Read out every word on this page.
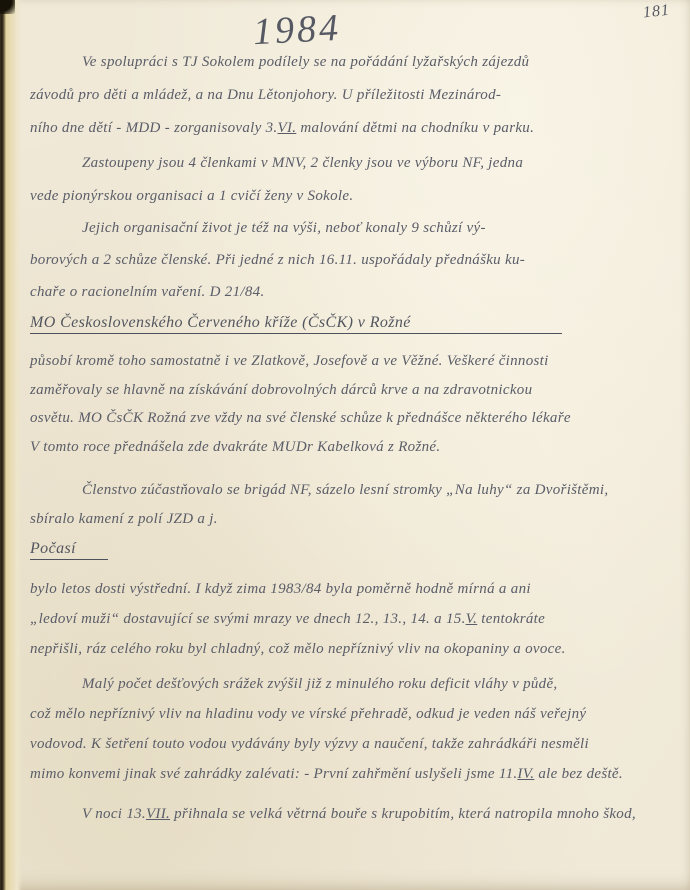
1984	181
Ve spolupráci s TJ Sokolem podílely se na pořádání lyžařských zájezdů
závodů pro děti a mládež, a na Dnu Lětonjohory. U příležitosti Mezinárod-
ního dne dětí - MDD - zorganisovaly 3.VI. malování dětmi na chodníku v parku.
Zastoupeny jsou 4 členkami v MNV, 2 členky jsou ve výboru NF, jedna
vede pionýrskou organisaci a 1 cvičí ženy v Sokole.
Jejich organisační život je též na výši, neboť konaly 9 schůzí vý-
borových a 2 schůze členské. Při jedné z nich 16.11. uspořádaly přednášku ku-
chaře o racionelním vaření. D 21/84.
MO Československého Červeného kříže (ČsČK) v Rožné
působí kromě toho samostatně i ve Zlatkově, Josefově a ve Věžné. Veškeré činnosti
zaměřovaly se hlavně na získávání dobrovolných dárců krve a na zdravotnickou
osvětu. MO ČsČK Rožná zve vždy na své členské schůze k přednášce některého lékaře
V tomto roce přednášela zde dvakráte MUDr Kabelková z Rožné.
Členstvo zúčastňovalo se brigád NF, sázelo lesní stromky „Na luhy“ za Dvořištěmi,
sbíralo kamení z polí JZD a j.
Počasí
bylo letos dosti výstřední. I když zima 1983/84 byla poměrně hodně mírná a ani
„ledoví muži“ dostavující se svými mrazy ve dnech 12., 13., 14. a 15.V. tentokráte
nepřišli, ráz celého roku byl chladný, což mělo nepříznivý vliv na okopaniny a ovoce.
Malý počet dešťových srážek zvýšil již z minulého roku deficit vláhy v půdě,
což mělo nepříznivý vliv na hladinu vody ve vírské přehradě, odkud je veden náš veřejný
vodovod. K šetření touto vodou vydávány byly výzvy a naučení, takže zahrádkáři nesměli
mimo konvemi jinak své zahrádky zalévati: - První zahřmění uslyšeli jsme 11.IV. ale bez deště.
V noci 13.VII. přihnala se velká větrná bouře s krupobitím, která natropila mnoho škod,
